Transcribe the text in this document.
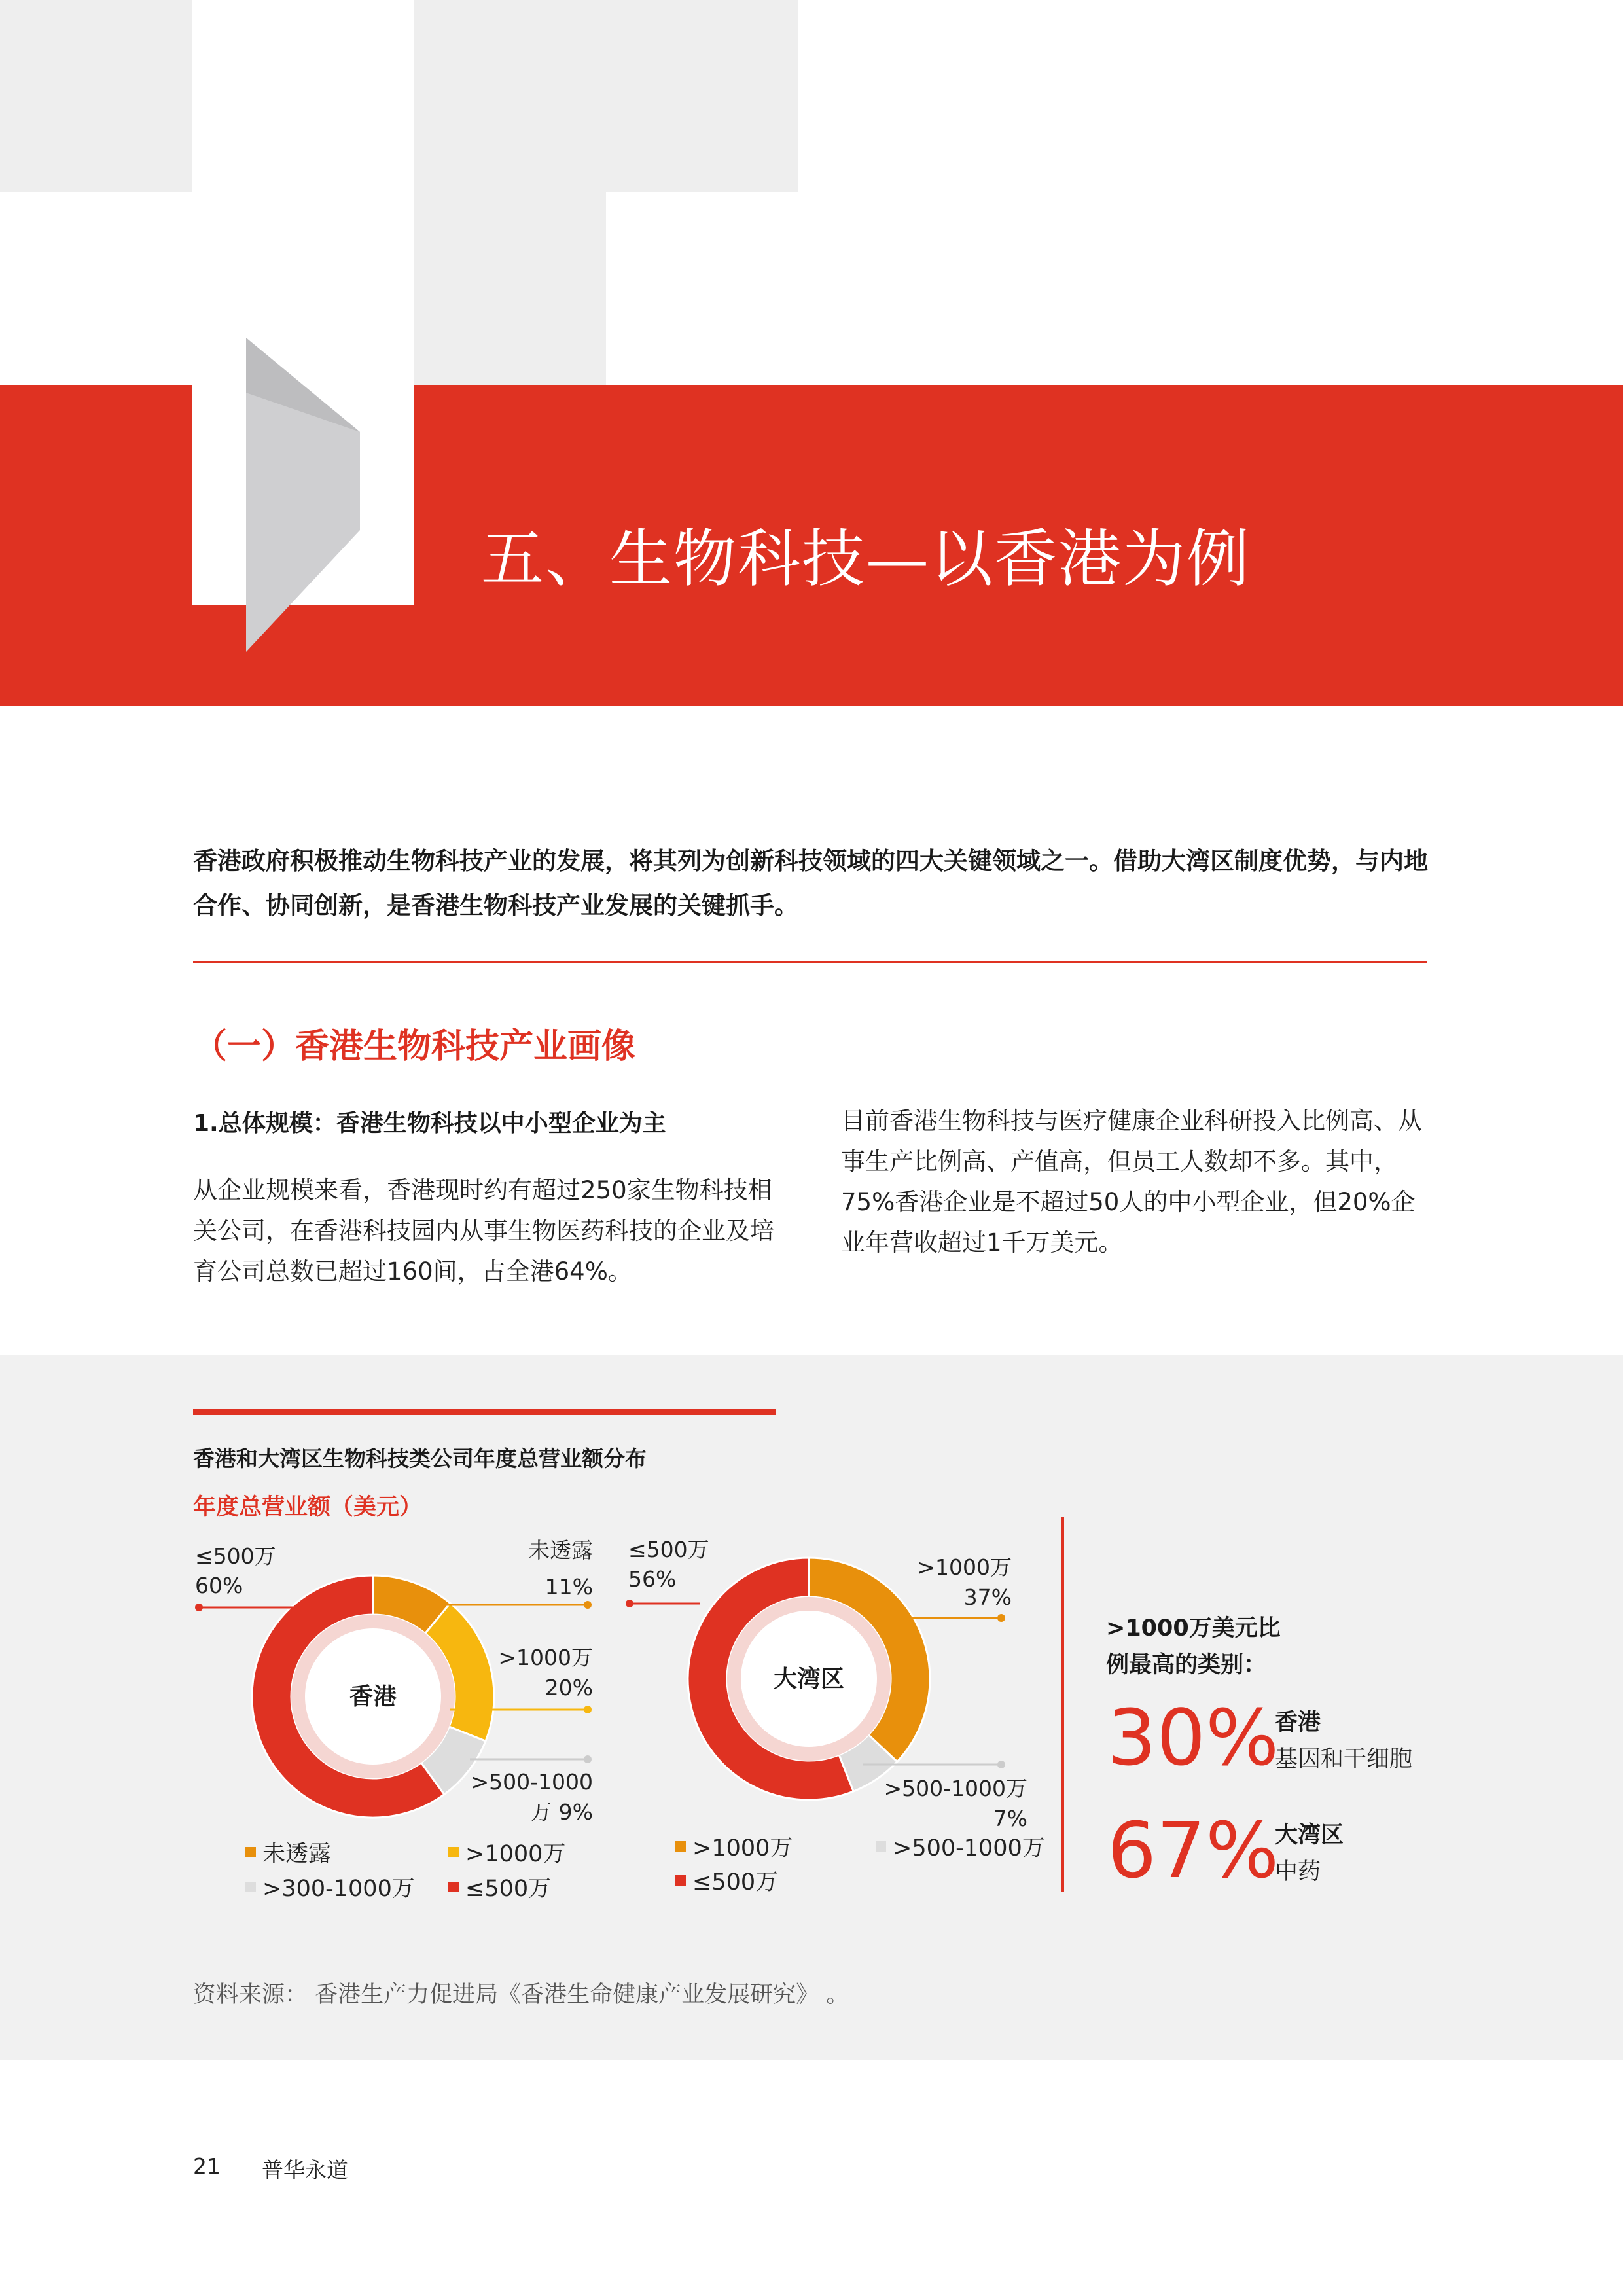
五、生物科技—以香港为例
香港政府积极推动生物科技产业的发展，将其列为创新科技领域的四大关键领域之一。借助大湾区制度优势，与内地合作、协同创新，是香港生物科技产业发展的关键抓手。
（一）香港生物科技产业画像
1.总体规模：香港生物科技以中小型企业为主
从企业规模来看，香港现时约有超过250家生物科技相关公司，在香港科技园内从事生物医药科技的企业及培育公司总数已超过160间，占全港64%。
目前香港生物科技与医疗健康企业科研投入比例高、从事生产比例高、产值高，但员工人数却不多。其中，75%香港企业是不超过50人的中小型企业，但20%企业年营收超过1千万美元。
香港和大湾区生物科技类公司年度总营业额分布
年度总营业额（美元）
香港
≤500万
60%
未透露
11%
>1000万
20%
>500-1000
万 9%
未透露	>1000万
>300-1000万 ≤500万
大湾区
≤500万
56%	>1000万
37%
>500-1000万
7%
>1000万	>500-1000万
≤500万
>1000万美元比
例最高的类别：
30%
香港
基因和干细胞
67%
大湾区
中药
资料来源： 香港生产力促进局《香港生命健康产业发展研究》 。
21 普华永道
